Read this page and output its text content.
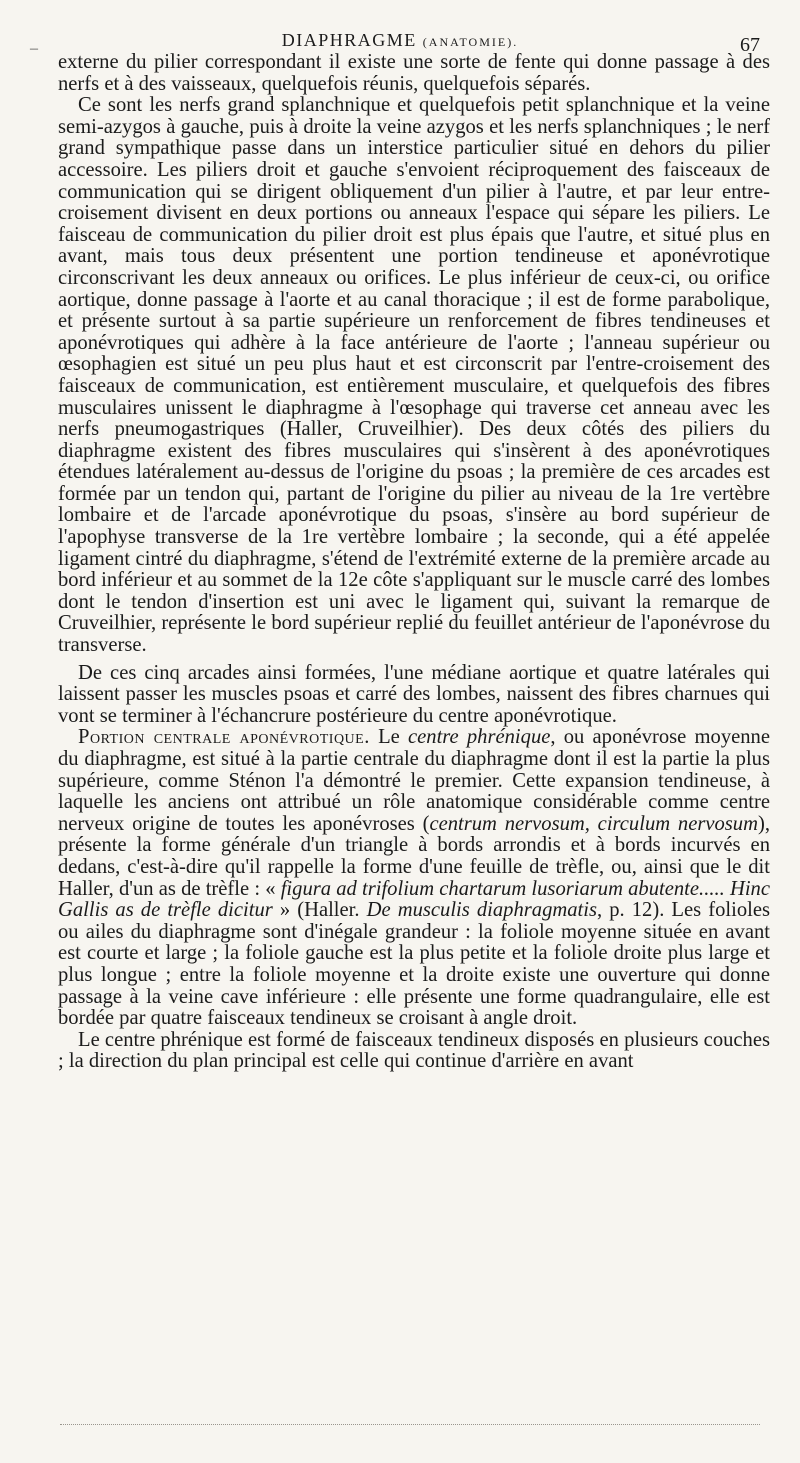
DIAPHRAGME (ANATOMIE).	67
–

externe du pilier correspondant il existe une sorte de fente qui donne passage à des nerfs et à des vaisseaux, quelquefois réunis, quelquefois séparés.

Ce sont les nerfs grand splanchnique et quelquefois petit splanchnique et la veine semi-azygos à gauche, puis à droite la veine azygos et les nerfs splanchniques ; le nerf grand sympathique passe dans un interstice particulier situé en dehors du pilier accessoire. Les piliers droit et gauche s'envoient réciproquement des faisceaux de communication qui se dirigent obliquement d'un pilier à l'autre, et par leur entre-croisement divisent en deux portions ou anneaux l'espace qui sépare les piliers. Le faisceau de communication du pilier droit est plus épais que l'autre, et situé plus en avant, mais tous deux présentent une portion tendineuse et aponévrotique circonscrivant les deux anneaux ou orifices. Le plus inférieur de ceux-ci, ou orifice aortique, donne passage à l'aorte et au canal thoracique ; il est de forme parabolique, et présente surtout à sa partie supérieure un renforcement de fibres tendineuses et aponévrotiques qui adhère à la face antérieure de l'aorte ; l'anneau supérieur ou œsophagien est situé un peu plus haut et est circonscrit par l'entre-croisement des faisceaux de communication, est entièrement musculaire, et quelquefois des fibres musculaires unissent le diaphragme à l'œsophage qui traverse cet anneau avec les nerfs pneumogastriques (Haller, Cruveilhier). Des deux côtés des piliers du diaphragme existent des fibres musculaires qui s'insèrent à des aponévrotiques étendues latéralement au-dessus de l'origine du psoas ; la première de ces arcades est formée par un tendon qui, partant de l'origine du pilier au niveau de la 1re vertèbre lombaire et de l'arcade aponévrotique du psoas, s'insère au bord supérieur de l'apophyse transverse de la 1re vertèbre lombaire ; la seconde, qui a été appelée ligament cintré du diaphragme, s'étend de l'extrémité externe de la première arcade au bord inférieur et au sommet de la 12e côte s'appliquant sur le muscle carré des lombes dont le tendon d'insertion est uni avec le ligament qui, suivant la remarque de Cruveilhier, représente le bord supérieur replié du feuillet antérieur de l'aponévrose du transverse.

De ces cinq arcades ainsi formées, l'une médiane aortique et quatre latérales qui laissent passer les muscles psoas et carré des lombes, naissent des fibres charnues qui vont se terminer à l'échancrure postérieure du centre aponévrotique.

Portion centrale aponévrotique. Le centre phrénique, ou aponévrose moyenne du diaphragme, est situé à la partie centrale du diaphragme dont il est la partie la plus supérieure, comme Sténon l'a démontré le premier. Cette expansion tendineuse, à laquelle les anciens ont attribué un rôle anatomique considérable comme centre nerveux origine de toutes les aponévroses (centrum nervosum, circulum nervosum), présente la forme générale d'un triangle à bords arrondis et à bords incurvés en dedans, c'est-à-dire qu'il rappelle la forme d'une feuille de trèfle, ou, ainsi que le dit Haller, d'un as de trèfle : « figura ad trifolium chartarum lusoriarum abutente..... Hinc Gallis as de trèfle dicitur » (Haller. De musculis diaphragmatis, p. 12). Les folioles ou ailes du diaphragme sont d'inégale grandeur : la foliole moyenne située en avant est courte et large ; la foliole gauche est la plus petite et la foliole droite plus large et plus longue ; entre la foliole moyenne et la droite existe une ouverture qui donne passage à la veine cave inférieure : elle présente une forme quadrangulaire, elle est bordée par quatre faisceaux tendineux se croisant à angle droit.

Le centre phrénique est formé de faisceaux tendineux disposés en plusieurs couches ; la direction du plan principal est celle qui continue d'arrière en avant
